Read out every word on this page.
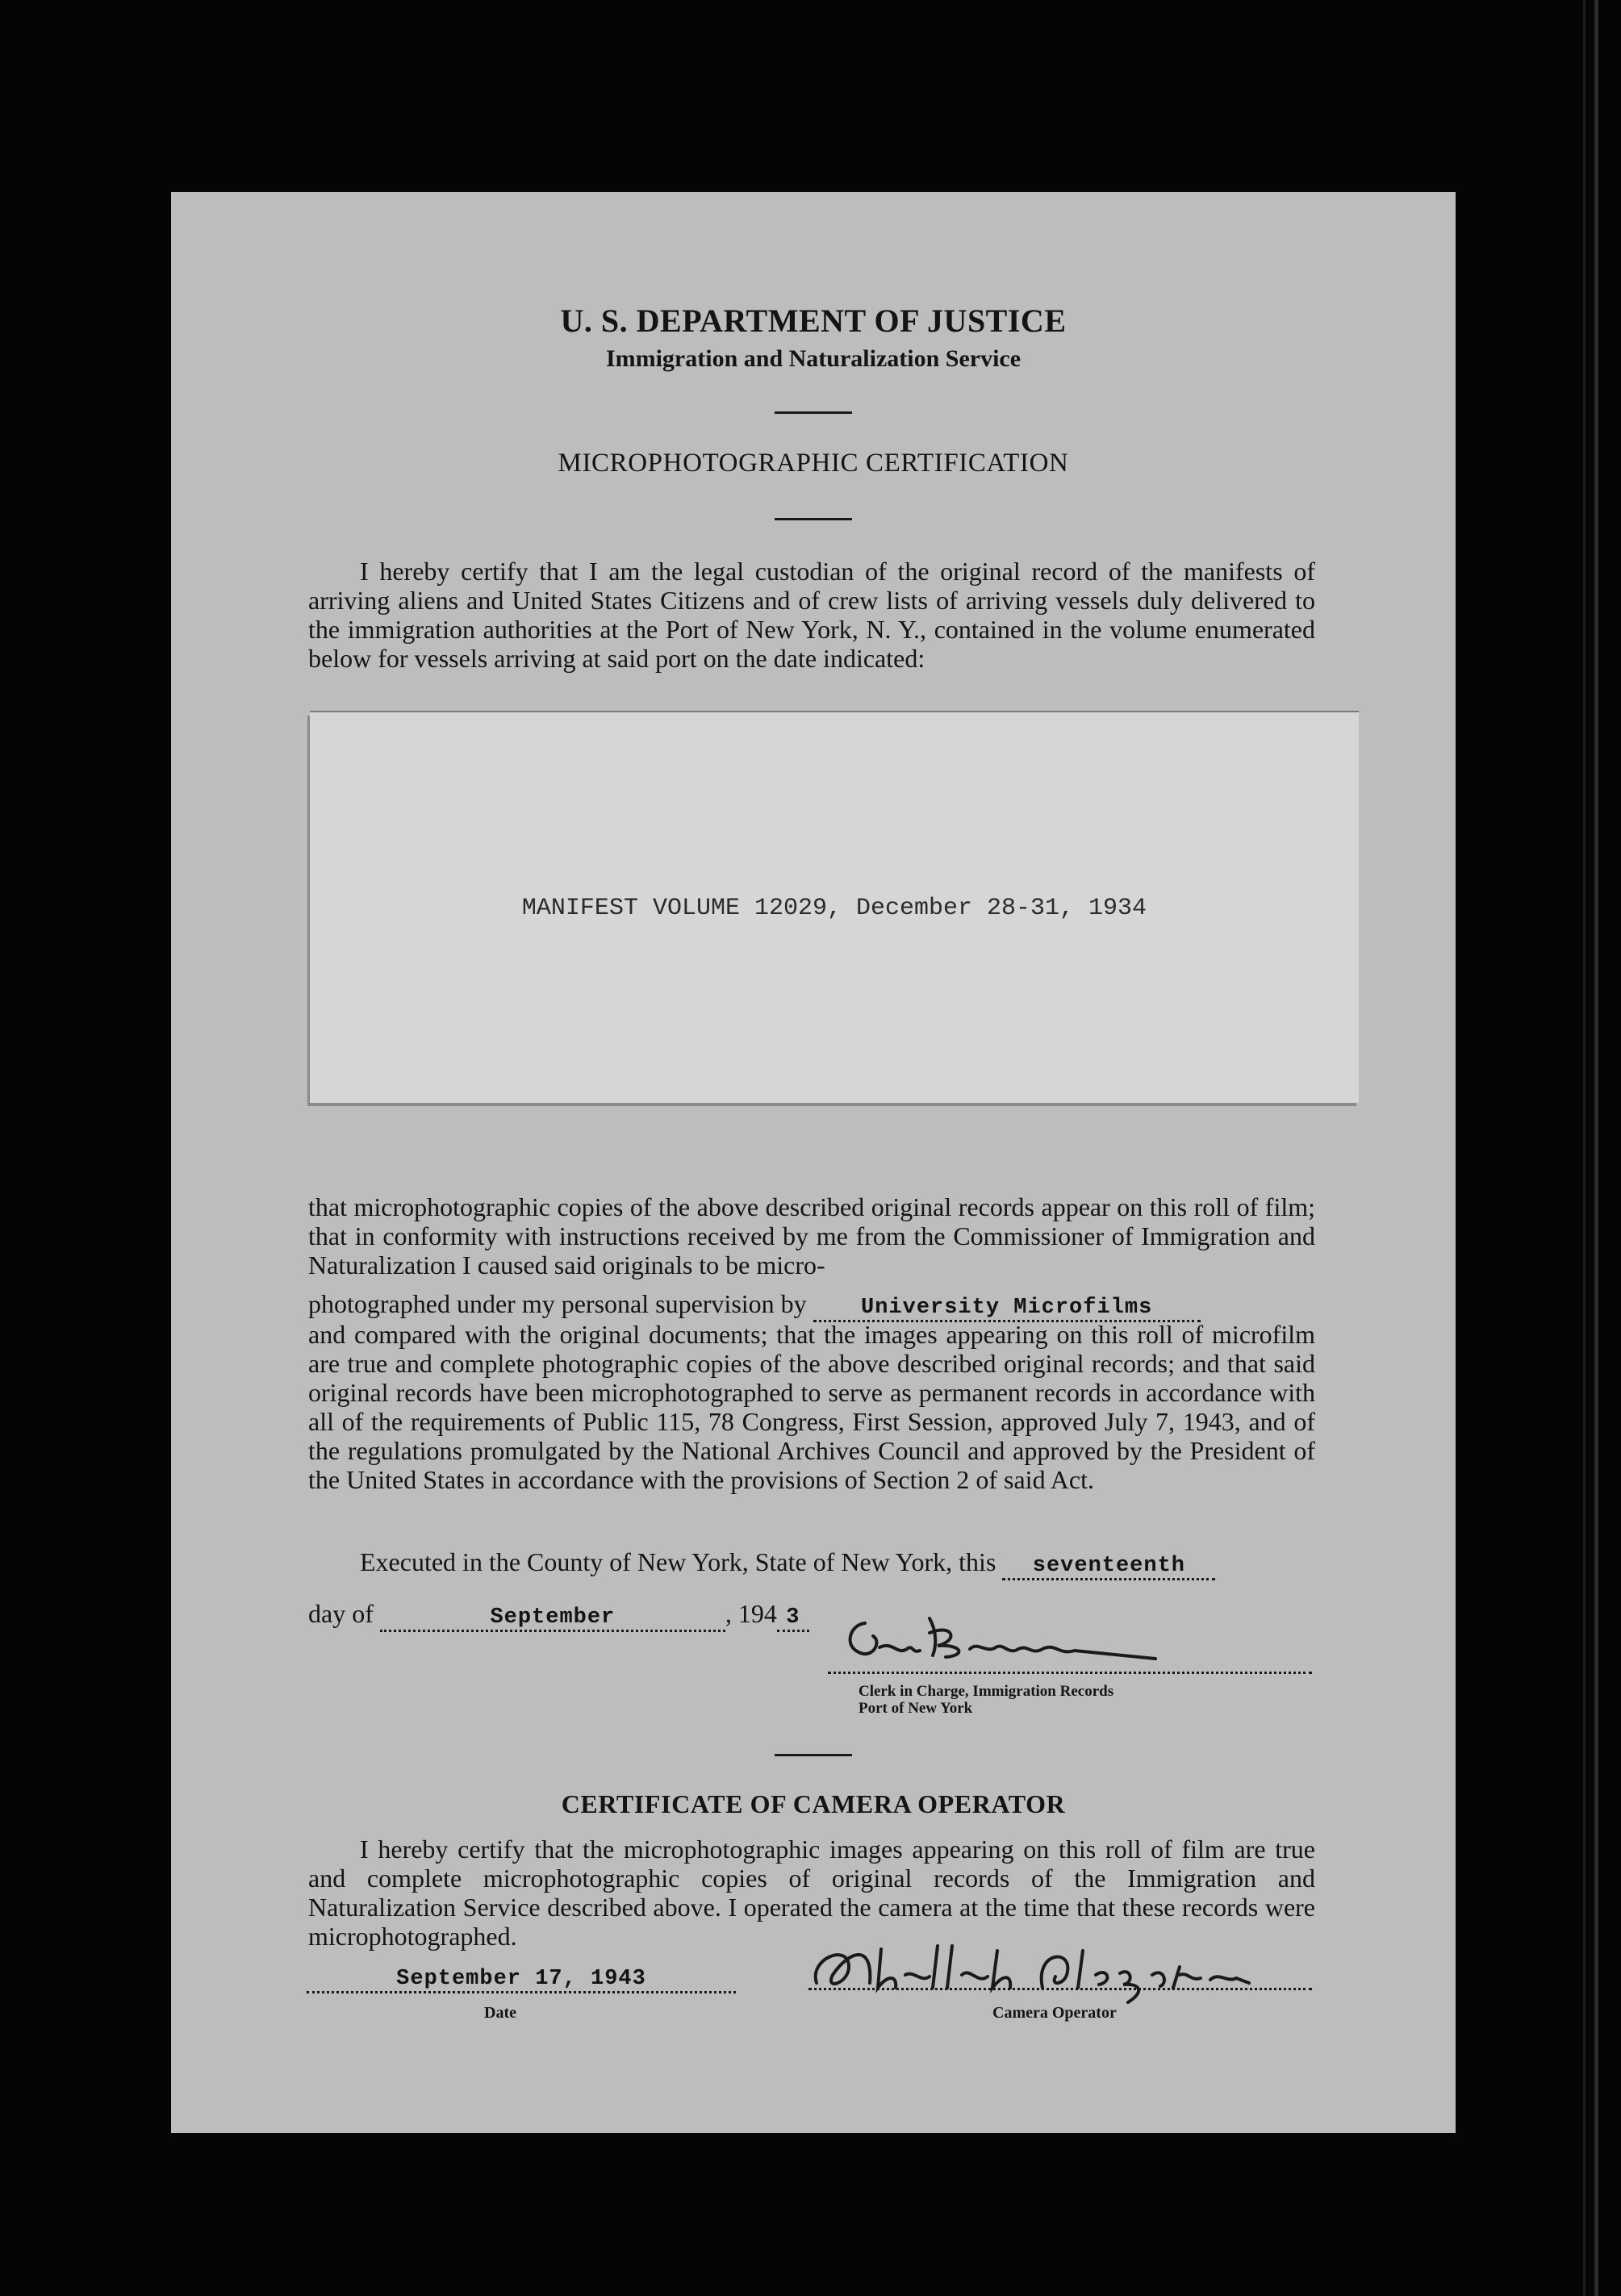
U. S. DEPARTMENT OF JUSTICE
Immigration and Naturalization Service
MICROPHOTOGRAPHIC CERTIFICATION

I hereby certify that I am the legal custodian of the original record of the manifests of arriving aliens and United States Citizens and of crew lists of arriving vessels duly delivered to the immigration authorities at the Port of New York, N. Y., contained in the volume enumerated below for vessels arriving at said port on the date indicated:

MANIFEST VOLUME 12029, December 28-31, 1934

that microphotographic copies of the above described original records appear on this roll of film; that in conformity with instructions received by me from the Commissioner of Immigration and Naturalization I caused said originals to be micro-

photographed under my personal supervision by University Microfilms

and compared with the original documents; that the images appearing on this roll of microfilm are true and complete photographic copies of the above described original records; and that said original records have been microphotographed to serve as permanent records in accordance with all of the requirements of Public 115, 78 Congress, First Session, approved July 7, 1943, and of the regulations promulgated by the National Archives Council and approved by the President of the United States in accordance with the provisions of Section 2 of said Act.

Executed in the County of New York, State of New York, this seventeenth
day of	September	, 194 3
Clerk in Charge, Immigration Records
Port of New York
CERTIFICATE OF CAMERA OPERATOR

I hereby certify that the microphotographic images appearing on this roll of film are true and complete microphotographic copies of original records of the Immigration and Naturalization Service described above. I operated the camera at the time that these records were microphotographed.

September 17, 1943
Date	Camera Operator
